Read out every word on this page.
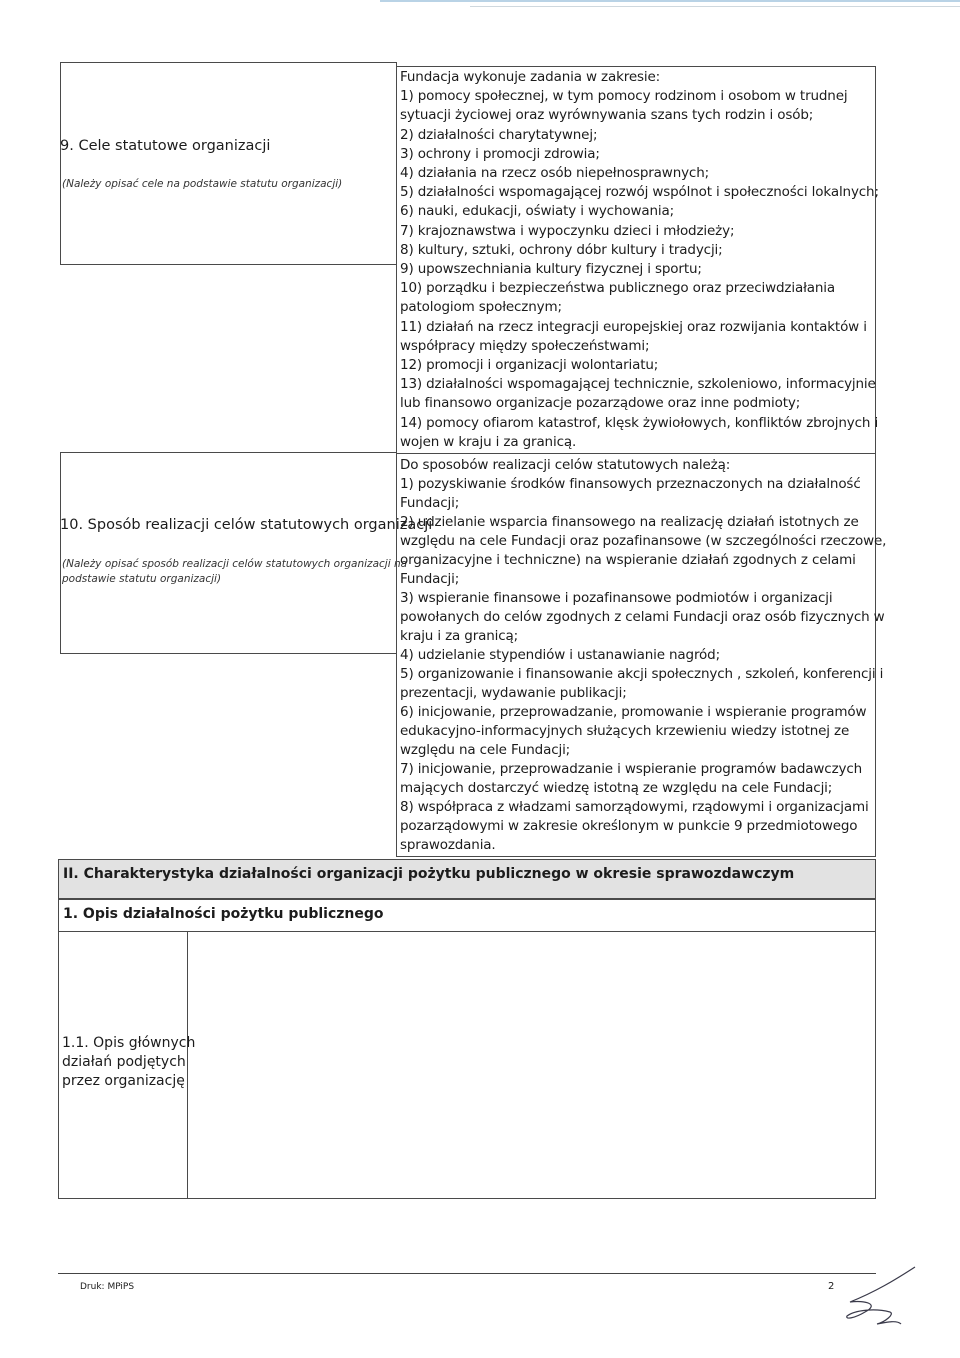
9. Cele statutowe organizacji
(Należy opisać cele na podstawie statutu organizacji)
Fundacja wykonuje zadania w zakresie:
1) pomocy społecznej, w tym pomocy rodzinom i osobom w trudnej
sytuacji życiowej oraz wyrównywania szans tych rodzin i osób;
2) działalności charytatywnej;
3) ochrony i promocji zdrowia;
4) działania na rzecz osób niepełnosprawnych;
5) działalności wspomagającej rozwój wspólnot i społeczności lokalnych;
6) nauki, edukacji, oświaty i wychowania;
7) krajoznawstwa i wypoczynku dzieci i młodzieży;
8) kultury, sztuki, ochrony dóbr kultury i tradycji;
9) upowszechniania kultury fizycznej i sportu;
10) porządku i bezpieczeństwa publicznego oraz przeciwdziałania
patologiom społecznym;
11) działań na rzecz integracji europejskiej oraz rozwijania kontaktów i
współpracy między społeczeństwami;
12) promocji i organizacji wolontariatu;
13) działalności wspomagającej technicznie, szkoleniowo, informacyjnie
lub finansowo organizacje pozarządowe oraz inne podmioty;
14) pomocy ofiarom katastrof, klęsk żywiołowych, konfliktów zbrojnych i
wojen w kraju i za granicą.
10. Sposób realizacji celów statutowych organizacji
(Należy opisać sposób realizacji celów statutowych organizacji na
podstawie statutu organizacji)
Do sposobów realizacji celów statutowych należą:
1) pozyskiwanie środków finansowych przeznaczonych na działalność
Fundacji;
2) udzielanie wsparcia finansowego na realizację działań istotnych ze
względu na cele Fundacji oraz pozafinansowe (w szczególności rzeczowe,
organizacyjne i techniczne) na wspieranie działań zgodnych z celami
Fundacji;
3) wspieranie finansowe i pozafinansowe podmiotów i organizacji
powołanych do celów zgodnych z celami Fundacji oraz osób fizycznych w
kraju i za granicą;
4) udzielanie stypendiów i ustanawianie nagród;
5) organizowanie i finansowanie akcji społecznych , szkoleń, konferencji i
prezentacji, wydawanie publikacji;
6) inicjowanie, przeprowadzanie, promowanie i wspieranie programów
edukacyjno-informacyjnych służących krzewieniu wiedzy istotnej ze
względu na cele Fundacji;
7) inicjowanie, przeprowadzanie i wspieranie programów badawczych
mających dostarczyć wiedzę istotną ze względu na cele Fundacji;
8) współpraca z władzami samorządowymi, rządowymi i organizacjami
pozarządowymi w zakresie określonym w punkcie 9 przedmiotowego
sprawozdania.
II. Charakterystyka działalności organizacji pożytku publicznego w okresie sprawozdawczym
1. Opis działalności pożytku publicznego
1.1. Opis głównych
działań podjętych
przez organizację
Druk: MPiPS	2
